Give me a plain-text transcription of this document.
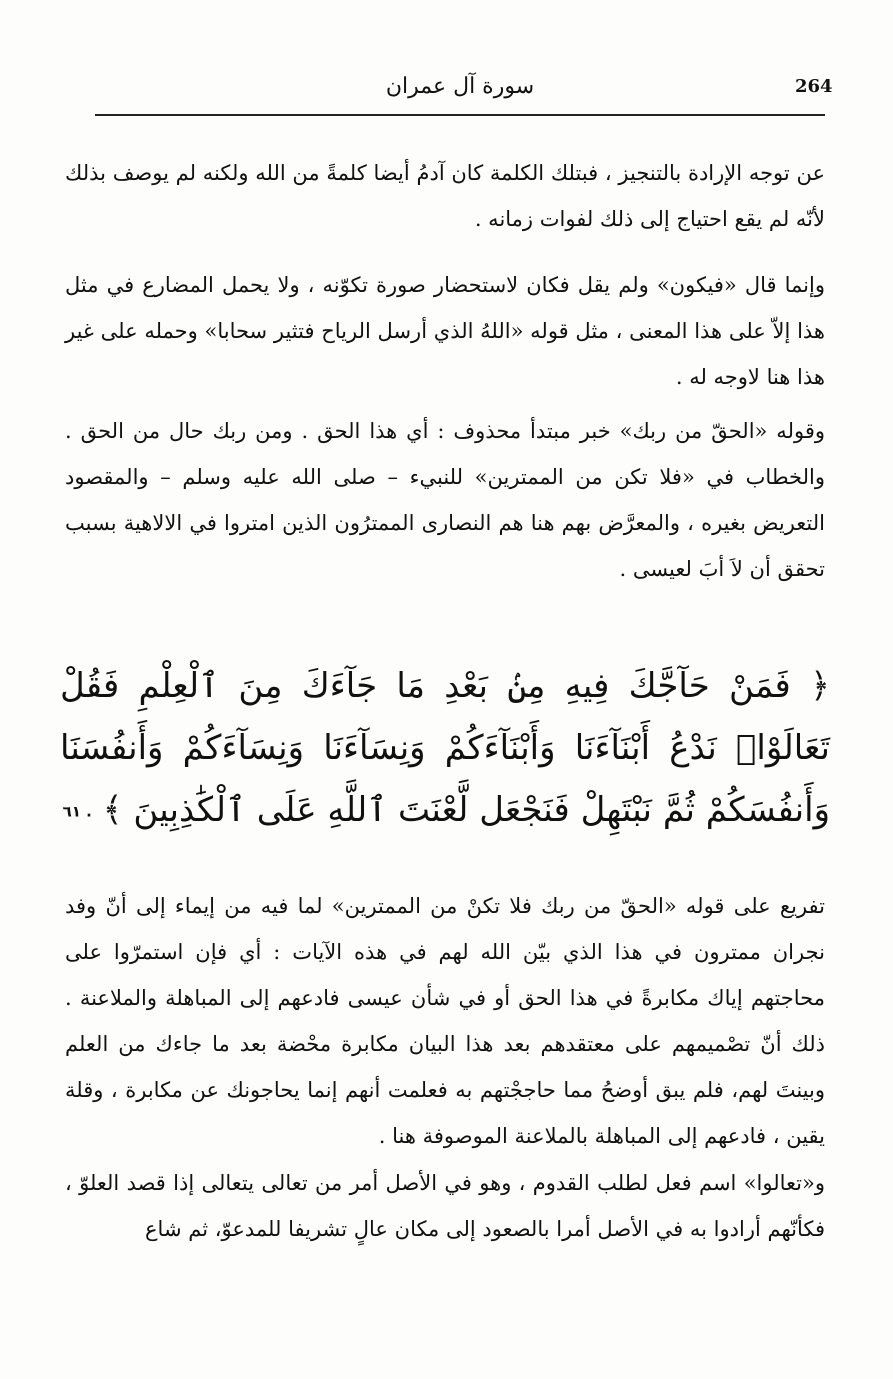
264
سورة آل عمران
عن توجه الإرادة بالتنجيز ، فبتلك الكلمة كان آدمُ أيضا كلمةً من الله ولكنه لم يوصف بذلك لأنّه لم يقع احتياج إلى ذلك لفوات زمانه .
وإنما قال «فيكون» ولم يقل فكان لاستحضار صورة تكوّنه ، ولا يحمل المضارع في مثل هذا إلاّ على هذا المعنى ، مثل قوله «اللهُ الذي أرسل الرياح فتثير سحابا» وحمله على غير هذا هنا لاوجه له .
وقوله «الحقّ من ربك» خبر مبتدأ محذوف : أي هذا الحق . ومن ربك حال من الحق . والخطاب في «فلا تكن من الممترين» للنبيء – صلى الله عليه وسلم – والمقصود التعريض بغيره ، والمعرَّض بهم هنا هم النصارى الممترُون الذين امتروا في الالاهية بسبب تحقق أن لاَ أبَ لعيسى .
﴿ فَمَنْ حَآجَّكَ فِيهِ مِنۢ بَعْدِ مَا جَآءَكَ مِنَ ٱلْعِلْمِ فَقُلْ تَعَالَوْا۟ نَدْعُ أَبْنَآءَنَا وَأَبْنَآءَكُمْ وَنِسَآءَنَا وَنِسَآءَكُمْ وَأَنفُسَنَا وَأَنفُسَكُمْ ثُمَّ نَبْتَهِلْ فَنَجْعَل لَّعْنَتَ ٱللَّهِ عَلَى ٱلْكَٰذِبِينَ ﴾ . ٦١
تفريع على قوله «الحقّ من ربك فلا تكنْ من الممترين» لما فيه من إيماء إلى أنّ وفد نجران ممترون في هذا الذي بيّن الله لهم في هذه الآيات : أي فإن استمرّوا على محاجتهم إياك مكابرةً في هذا الحق أو في شأن عيسى فادعهم إلى المباهلة والملاعنة . ذلك أنّ تصْميمهم على معتقدهم بعد هذا البيان مكابرة محْضة بعد ما جاءك من العلم وبينتَ لهم، فلم يبق أوضحُ مما حاججْتهم به فعلمت أنهم إنما يحاجونك عن مكابرة ، وقلة يقين ، فادعهم إلى المباهلة بالملاعنة الموصوفة هنا .
و«تعالوا» اسم فعل لطلب القدوم ، وهو في الأصل أمر من تعالى يتعالى إذا قصد العلوّ ، فكأنّهم أرادوا به في الأصل أمرا بالصعود إلى مكان عالٍ تشريفا للمدعوّ، ثم شاع
